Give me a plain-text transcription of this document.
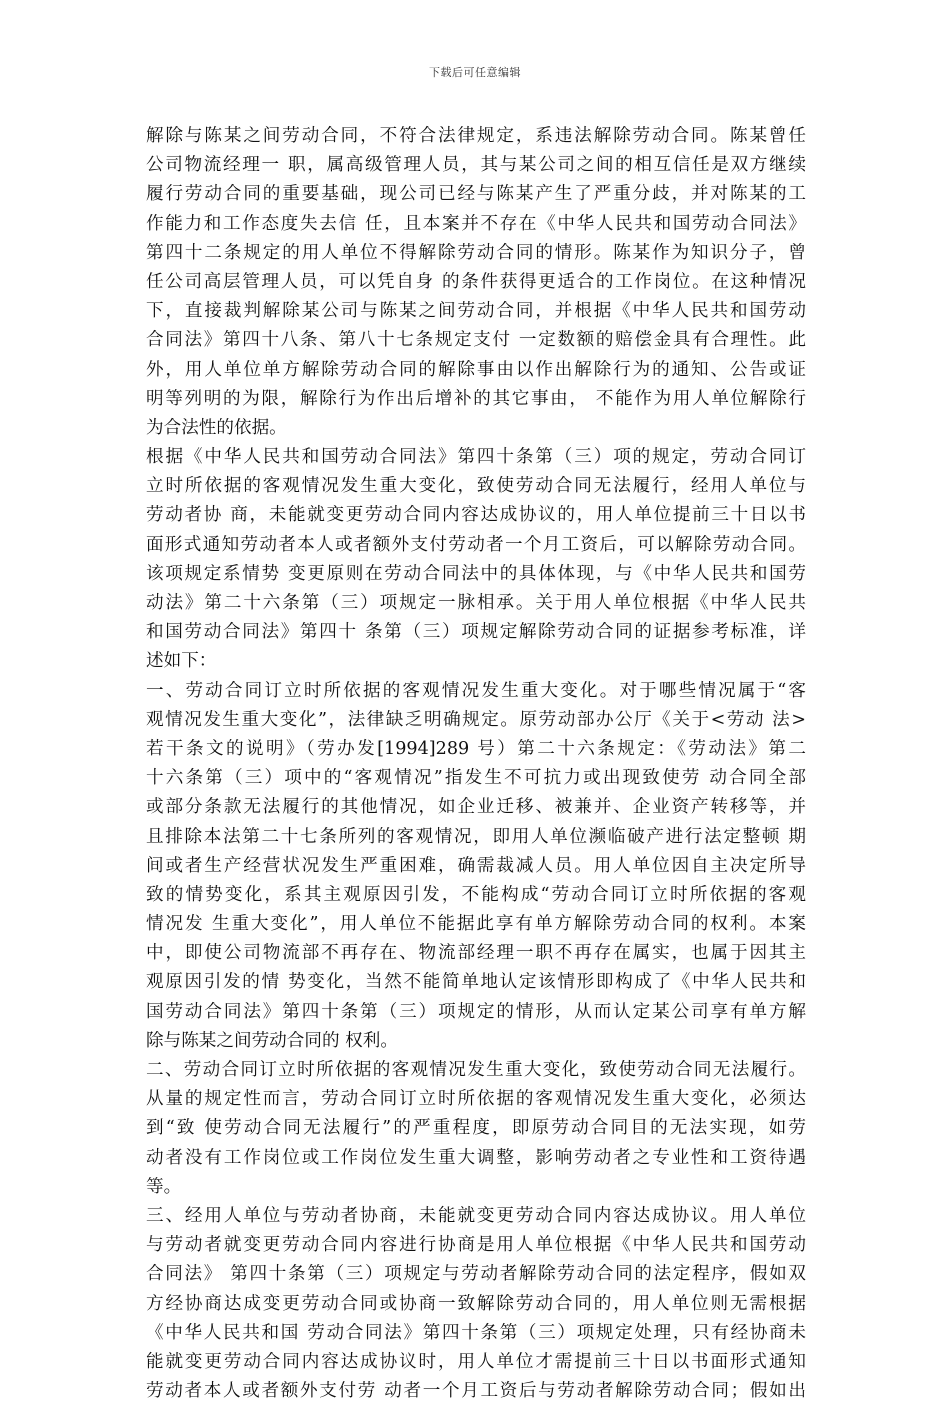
下载后可任意编辑
解除与陈某之间劳动合同，不符合法律规定，系违法解除劳动合同。陈某曾任
公司物流经理一 职，属高级管理人员，其与某公司之间的相互信任是双方继续
履行劳动合同的重要基础，现公司已经与陈某产生了严重分歧，并对陈某的工
作能力和工作态度失去信 任，且本案并不存在《中华人民共和国劳动合同法》
第四十二条规定的用人单位不得解除劳动合同的情形。陈某作为知识分子，曾
任公司高层管理人员，可以凭自身 的条件获得更适合的工作岗位。在这种情况
下，直接裁判解除某公司与陈某之间劳动合同，并根据《中华人民共和国劳动
合同法》第四十八条、第八十七条规定支付 一定数额的赔偿金具有合理性。此
外，用人单位单方解除劳动合同的解除事由以作出解除行为的通知、公告或证
明等列明的为限，解除行为作出后增补的其它事由， 不能作为用人单位解除行
为合法性的依据。
根据《中华人民共和国劳动合同法》第四十条第（三）项的规定，劳动合同订
立时所依据的客观情况发生重大变化，致使劳动合同无法履行，经用人单位与
劳动者协 商，未能就变更劳动合同内容达成协议的，用人单位提前三十日以书
面形式通知劳动者本人或者额外支付劳动者一个月工资后，可以解除劳动合同。
该项规定系情势 变更原则在劳动合同法中的具体体现，与《中华人民共和国劳
动法》第二十六条第（三）项规定一脉相承。关于用人单位根据《中华人民共
和国劳动合同法》第四十 条第（三）项规定解除劳动合同的证据参考标准，详
述如下：
一、劳动合同订立时所依据的客观情况发生重大变化。对于哪些情况属于“客
观情况发生重大变化”，法律缺乏明确规定。原劳动部办公厅《关于<劳动 法>
若干条文的说明》（劳办发[1994]289 号）第二十六条规定：《劳动法》第二
十六条第（三）项中的“客观情况”指发生不可抗力或出现致使劳 动合同全部
或部分条款无法履行的其他情况，如企业迁移、被兼并、企业资产转移等，并
且排除本法第二十七条所列的客观情况，即用人单位濒临破产进行法定整顿 期
间或者生产经营状况发生严重困难，确需裁减人员。用人单位因自主决定所导
致的情势变化，系其主观原因引发，不能构成“劳动合同订立时所依据的客观
情况发 生重大变化”，用人单位不能据此享有单方解除劳动合同的权利。本案
中，即使公司物流部不再存在、物流部经理一职不再存在属实，也属于因其主
观原因引发的情 势变化，当然不能简单地认定该情形即构成了《中华人民共和
国劳动合同法》第四十条第（三）项规定的情形，从而认定某公司享有单方解
除与陈某之间劳动合同的 权利。
二、劳动合同订立时所依据的客观情况发生重大变化，致使劳动合同无法履行。
从量的规定性而言，劳动合同订立时所依据的客观情况发生重大变化，必须达
到“致 使劳动合同无法履行”的严重程度，即原劳动合同目的无法实现，如劳
动者没有工作岗位或工作岗位发生重大调整，影响劳动者之专业性和工资待遇
等。
三、经用人单位与劳动者协商，未能就变更劳动合同内容达成协议。用人单位
与劳动者就变更劳动合同内容进行协商是用人单位根据《中华人民共和国劳动
合同法》 第四十条第（三）项规定与劳动者解除劳动合同的法定程序，假如双
方经协商达成变更劳动合同或协商一致解除劳动合同的，用人单位则无需根据
《中华人民共和国 劳动合同法》第四十条第（三）项规定处理，只有经协商未
能就变更劳动合同内容达成协议时，用人单位才需提前三十日以书面形式通知
劳动者本人或者额外支付劳 动者一个月工资后与劳动者解除劳动合同；假如出
